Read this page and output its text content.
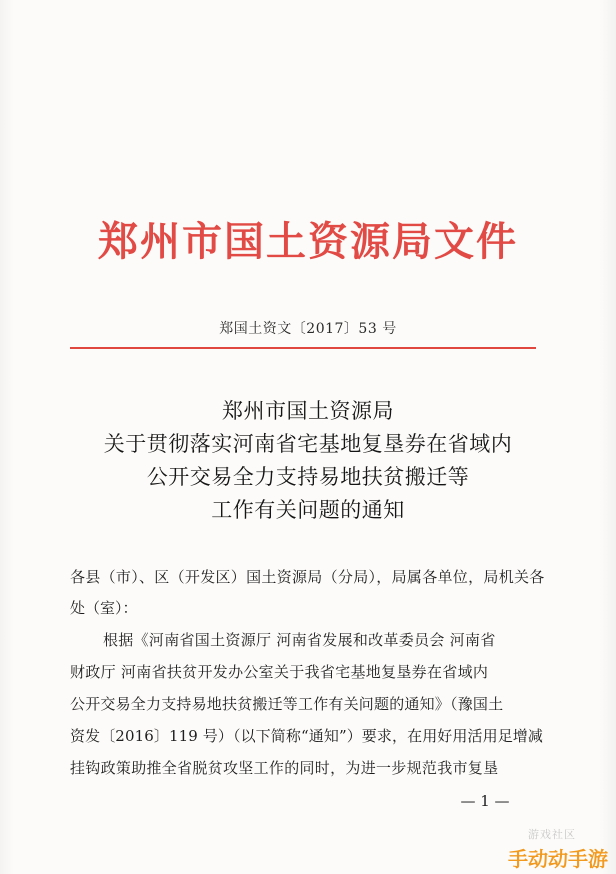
郑州市国土资源局文件
郑国土资文〔2017〕53 号
郑州市国土资源局
关于贯彻落实河南省宅基地复垦券在省域内
公开交易全力支持易地扶贫搬迁等
工作有关问题的通知
各县（市）、区（开发区）国土资源局（分局），局属各单位，局机关各
处（室）：
根据《河南省国土资源厅 河南省发展和改革委员会 河南省
财政厅 河南省扶贫开发办公室关于我省宅基地复垦券在省域内
公开交易全力支持易地扶贫搬迁等工作有关问题的通知》（豫国土
资发〔2016〕119 号）（以下简称“通知”）要求，在用好用活用足增减
挂钩政策助推全省脱贫攻坚工作的同时，为进一步规范我市复垦
— 1 —
游戏社区
手动动手游
